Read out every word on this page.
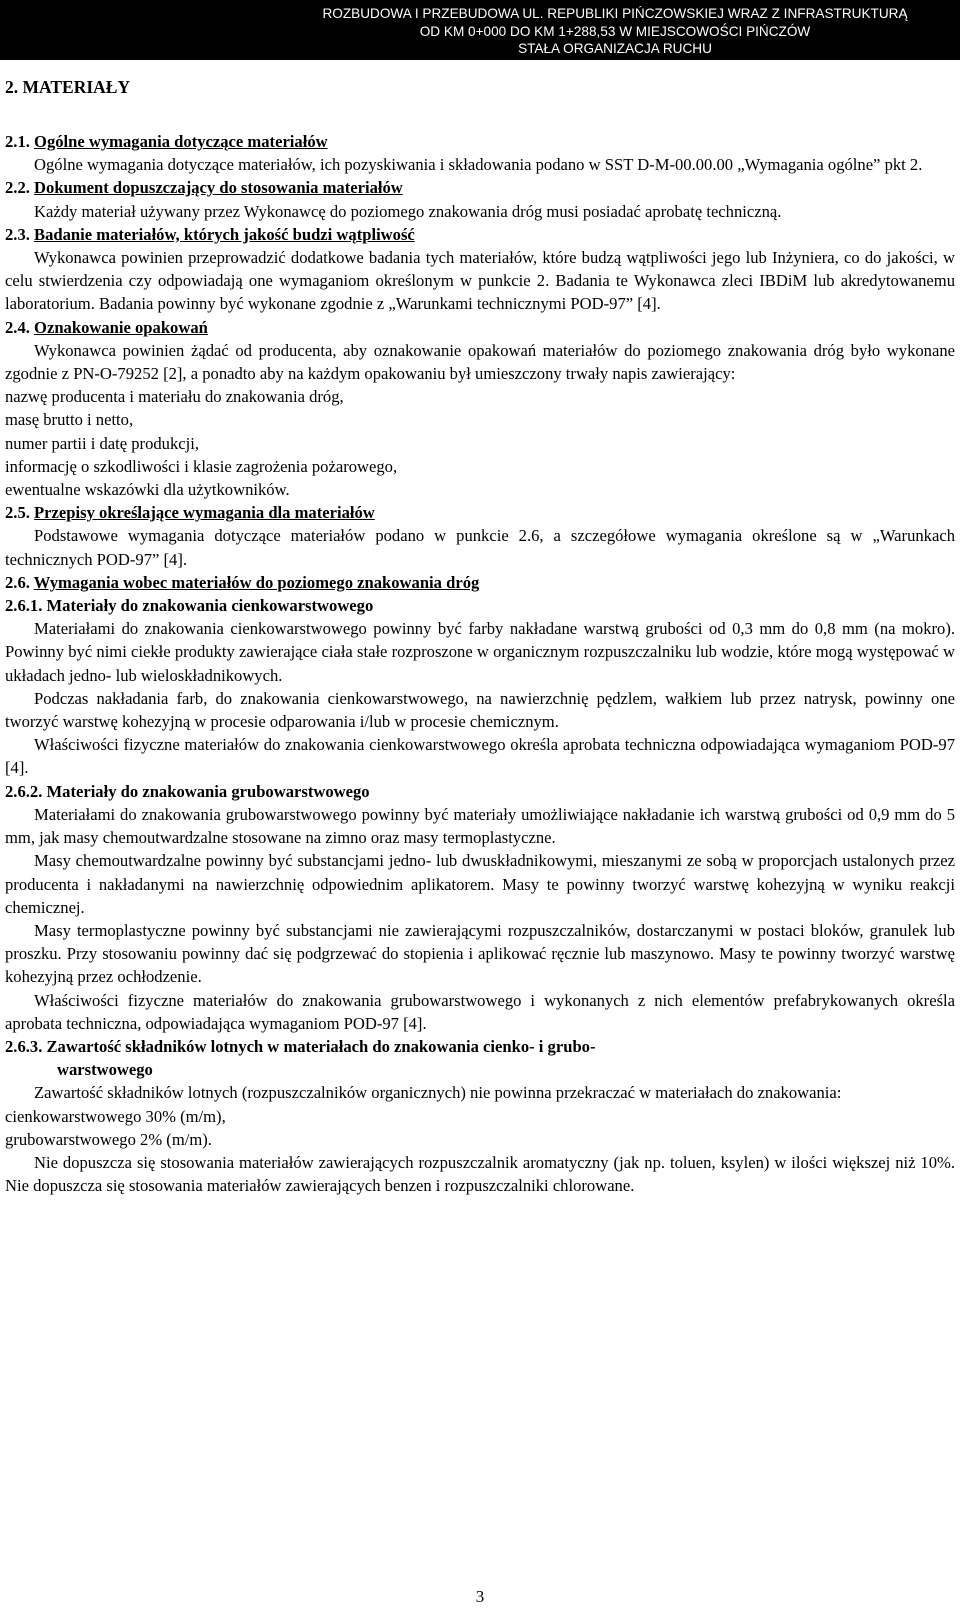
ROZBUDOWA I PRZEBUDOWA UL. REPUBLIKI PIŃCZOWSKIEJ WRAZ Z INFRASTRUKTURĄ
OD KM 0+000 DO KM 1+288,53 W MIEJSCOWOŚCI PIŃCZÓW
STAŁA ORGANIZACJA RUCHU
2. MATERIAŁY

2.1. Ogólne wymagania dotyczące materiałów

Ogólne wymagania dotyczące materiałów, ich pozyskiwania i składowania podano w SST D-M-00.00.00 „Wymagania ogólne” pkt 2.

2.2. Dokument dopuszczający do stosowania materiałów

Każdy materiał używany przez Wykonawcę do poziomego znakowania dróg musi posiadać aprobatę techniczną.

2.3. Badanie materiałów, których jakość budzi wątpliwość

Wykonawca powinien przeprowadzić dodatkowe badania tych materiałów, które budzą wątpliwości jego lub Inżyniera, co do jakości, w celu stwierdzenia czy odpowiadają one wymaganiom określonym w punkcie 2. Badania te Wykonawca zleci IBDiM lub akredytowanemu laboratorium. Badania powinny być wykonane zgodnie z „Warunkami technicznymi POD-97” [4].

2.4. Oznakowanie opakowań

Wykonawca powinien żądać od producenta, aby oznakowanie opakowań materiałów do poziomego znakowania dróg było wykonane zgodnie z PN-O-79252 [2], a ponadto aby na każdym opakowaniu był umieszczony trwały napis zawierający:

nazwę producenta i materiału do znakowania dróg,

masę brutto i netto,

numer partii i datę produkcji,

informację o szkodliwości i klasie zagrożenia pożarowego,

ewentualne wskazówki dla użytkowników.

2.5. Przepisy określające wymagania dla materiałów

Podstawowe wymagania dotyczące materiałów podano w punkcie 2.6, a szczegółowe wymagania określone są w „Warunkach technicznych POD-97” [4].

2.6. Wymagania wobec materiałów do poziomego znakowania dróg

2.6.1. Materiały do znakowania cienkowarstwowego

Materiałami do znakowania cienkowarstwowego powinny być farby nakładane warstwą grubości od 0,3 mm do 0,8 mm (na mokro). Powinny być nimi ciekłe produkty zawierające ciała stałe rozproszone w organicznym rozpuszczalniku lub wodzie, które mogą występować w układach jedno- lub wieloskładnikowych.

Podczas nakładania farb, do znakowania cienkowarstwowego, na nawierzchnię pędzlem, wałkiem lub przez natrysk, powinny one tworzyć warstwę kohezyjną w procesie odparowania i/lub w procesie chemicznym.

Właściwości fizyczne materiałów do znakowania cienkowarstwowego określa aprobata techniczna odpowiadająca wymaganiom POD-97 [4].

2.6.2. Materiały do znakowania grubowarstwowego

Materiałami do znakowania grubowarstwowego powinny być materiały umożliwiające nakładanie ich warstwą grubości od 0,9 mm do 5 mm, jak masy chemoutwardzalne stosowane na zimno oraz masy termoplastyczne.

Masy chemoutwardzalne powinny być substancjami jedno- lub dwuskładnikowymi, mieszanymi ze sobą w proporcjach ustalonych przez producenta i nakładanymi na nawierzchnię odpowiednim aplikatorem. Masy te powinny tworzyć warstwę kohezyjną w wyniku reakcji chemicznej.

Masy termoplastyczne powinny być substancjami nie zawierającymi rozpuszczalników, dostarczanymi w postaci bloków, granulek lub proszku. Przy stosowaniu powinny dać się podgrzewać do stopienia i aplikować ręcznie lub maszynowo. Masy te powinny tworzyć warstwę kohezyjną przez ochłodzenie.

Właściwości fizyczne materiałów do znakowania grubowarstwowego i wykonanych z nich elementów prefabrykowanych określa aprobata techniczna, odpowiadająca wymaganiom POD-97 [4].

2.6.3. Zawartość składników lotnych w materiałach do znakowania cienko- i grubo-

warstwowego

Zawartość składników lotnych (rozpuszczalników organicznych) nie powinna przekraczać w materiałach do znakowania:

cienkowarstwowego 30% (m/m),

grubowarstwowego 2% (m/m).

Nie dopuszcza się stosowania materiałów zawierających rozpuszczalnik aromatyczny (jak np. toluen, ksylen) w ilości większej niż 10%. Nie dopuszcza się stosowania materiałów zawierających benzen i rozpuszczalniki chlorowane.

3
